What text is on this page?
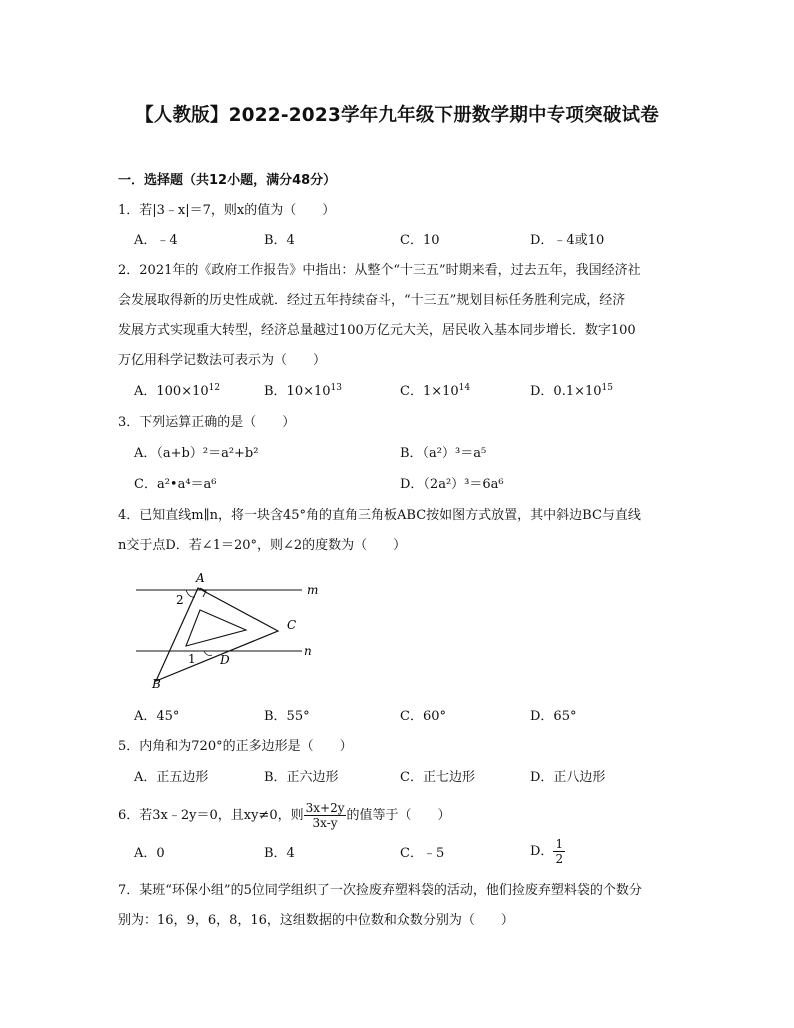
【人教版】2022-2023学年九年级下册数学期中专项突破试卷
一．选择题（共12小题，满分48分）
1．若|3﹣x|＝7，则x的值为（　　）
A．﹣4	B．4	C．10	D．﹣4或10
2．2021年的《政府工作报告》中指出：从整个“十三五”时期来看，过去五年，我国经济社
会发展取得新的历史性成就．经过五年持续奋斗，“十三五”规划目标任务胜利完成，经济
发展方式实现重大转型，经济总量越过100万亿元大关，居民收入基本同步增长．数字100
万亿用科学记数法可表示为（　　）
A．$100\times 10^{12}$	B．$10\times 10^{13}$	C．$1\times 10^{14}$	D．$0.1\times 10^{15}$
3．下列运算正确的是（　　）
A．（a+b）²＝a²+b²	B．（a²）³＝a⁵
C．a²•a⁴＝a⁶	D．（2a²）³＝6a⁶
4．已知直线m∥n，将一块含45°角的直角三角板ABC按如图方式放置，其中斜边BC与直线
n交于点D．若∠1＝20°，则∠2的度数为（　　）
A
2
m
C
n
1 D
B
A．45°	B．55°	C．60°	D．65°
5．内角和为720°的正多边形是（　　）
A．正五边形	B．正六边形	C．正七边形	D．正八边形
6．若3x﹣2y＝0，且xy≠0，则 $\frac{3x+2y}{3x-y}$ 的值等于（　　）
A．0	B．4	C．﹣5	D． $\frac{1}{2}$
7．某班“环保小组”的5位同学组织了一次捡废弃塑料袋的活动，他们捡废弃塑料袋的个数分
别为：16，9，6，8，16，这组数据的中位数和众数分别为（　　）
